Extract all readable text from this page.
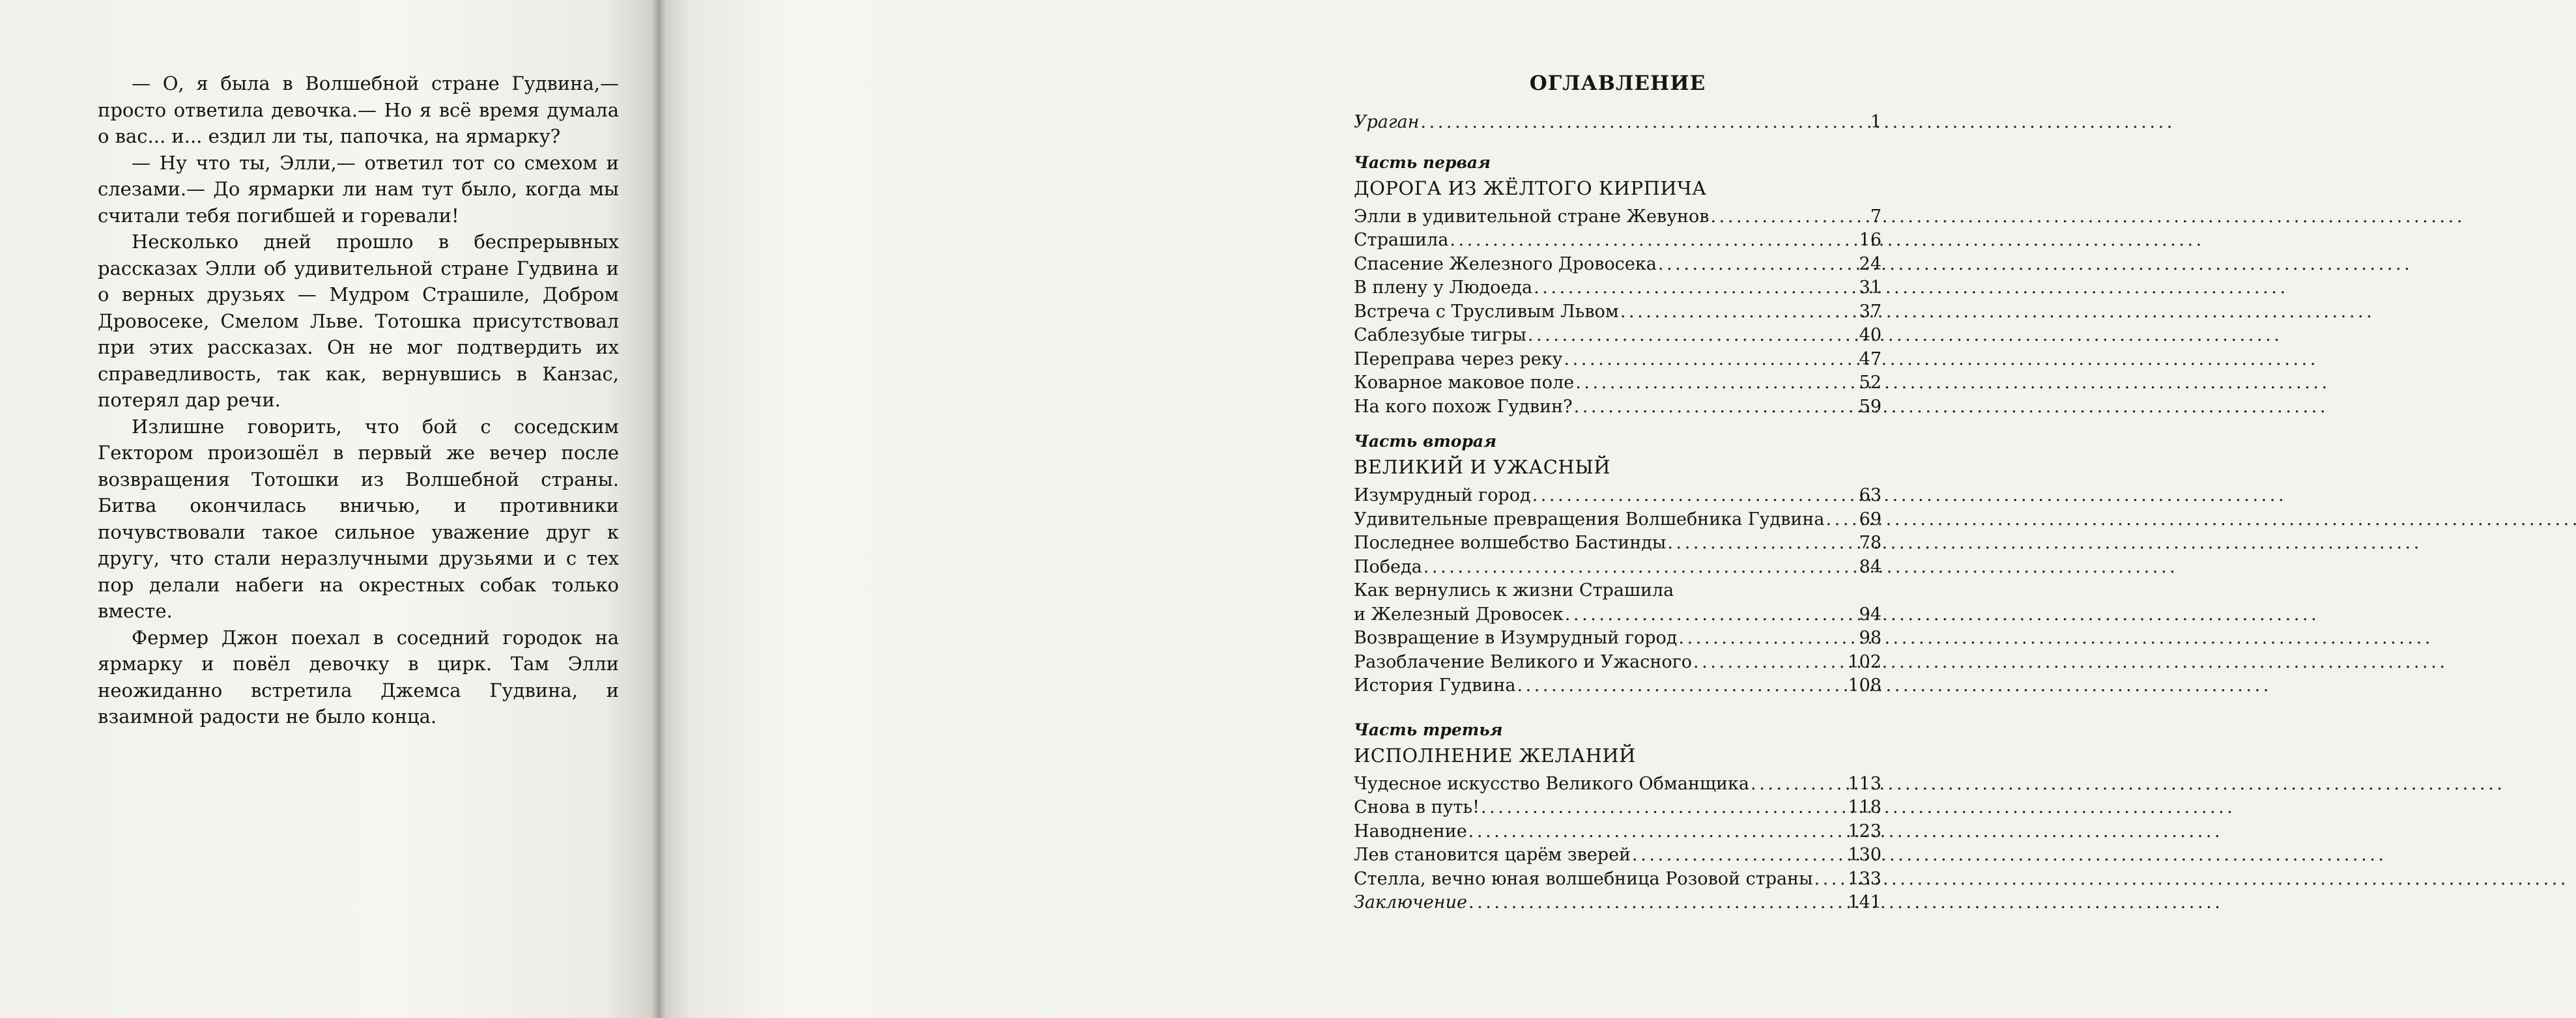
— О, я была в Волшебной стране Гудвина,— просто ответила девочка.— Но я всё время думала о вас... и... ездил ли ты, папочка, на ярмарку?

— Ну что ты, Элли,— ответил тот со смехом и слезами.— До ярмарки ли нам тут было, когда мы считали тебя погибшей и горевали!

Несколько дней прошло в беспрерывных рассказах Элли об удивительной стране Гудвина и о верных друзьях — Мудром Страшиле, Добром Дровосеке, Смелом Льве. Тотошка присутствовал при этих рассказах. Он не мог подтвердить их справедливость, так как, вернувшись в Канзас, потерял дар речи.

Излишне говорить, что бой с соседским Гектором произошёл в первый же вечер после возвращения Тотошки из Волшебной страны. Битва окончилась вничью, и противники почувствовали такое сильное уважение друг к другу, что стали неразлучными друзьями и с тех пор делали набеги на окрестных собак только вместе.

Фермер Джон поехал в соседний городок на ярмарку и повёл девочку в цирк. Там Элли неожиданно встретила Джемса Гудвина, и взаимной радости не было конца.

ОГЛАВЛЕНИЕ
Ураган . . .	1
Часть первая
ДОРОГА ИЗ ЖЁЛТОГО КИРПИЧА
Элли в удивительной стране Жевунов . . .	7
Страшила . . .	16
Спасение Железного Дровосека . . .	24
В плену у Людоеда . . .	31
Встреча с Трусливым Львом . . .	37
Саблезубые тигры . . .	40
Переправа через реку . . .	47
Коварное маковое поле . . .	52
На кого похож Гудвин? . . .	59
Часть вторая
ВЕЛИКИЙ И УЖАСНЫЙ
Изумрудный город . . .	63
Удивительные превращения Волшебника Гудвина . . . 69
Последнее волшебство Бастинды . . .	78
Победа . . .	84
Как вернулись к жизни Страшила
и Железный Дровосек . . .	94
Возвращение в Изумрудный город . . .	98
Разоблачение Великого и Ужасного . . .	102
История Гудвина . . .	108
Часть третья
ИСПОЛНЕНИЕ ЖЕЛАНИЙ
Чудесное искусство Великого Обманщика . . .	113
Снова в путь! . . .	118
Наводнение . . .	123
Лев становится царём зверей . . .	130
Стелла, вечно юная волшебница Розовой страны . . . 133
Заключение . . .	141
